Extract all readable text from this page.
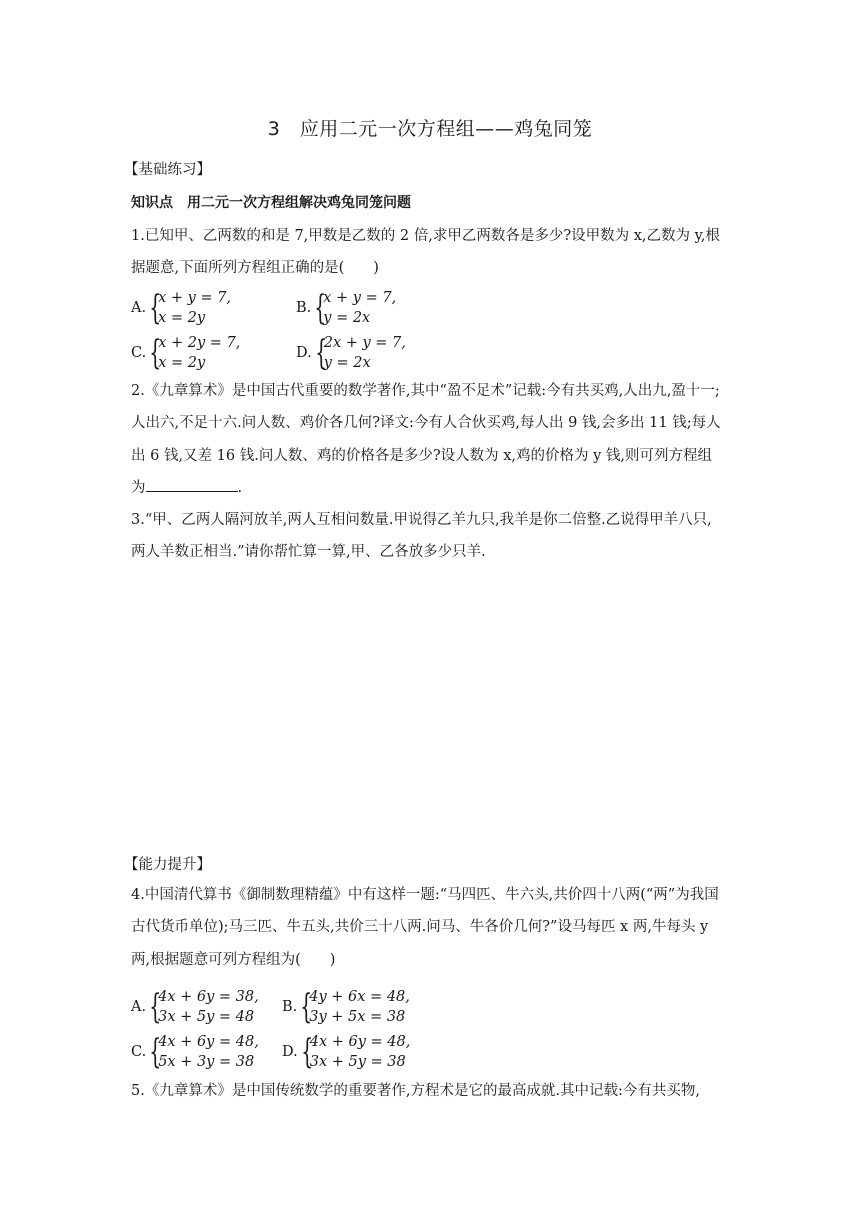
3　应用二元一次方程组——鸡兔同笼
【基础练习】
知识点　用二元一次方程组解决鸡兔同笼问题
1.已知甲、乙两数的和是 7,甲数是乙数的 2 倍,求甲乙两数各是多少?设甲数为 x,乙数为 y,根
据题意,下面所列方程组正确的是(　　)
A. {
x + y = 7,
x = 2y
B. {
x + y = 7,
y = 2x
C. {
x + 2y = 7,
x = 2y
D. {
2x + y = 7,
y = 2x
2.《九章算术》是中国古代重要的数学著作,其中“盈不足术”记载:今有共买鸡,人出九,盈十一;
人出六,不足十六.问人数、鸡价各几何?译文:今有人合伙买鸡,每人出 9 钱,会多出 11 钱;每人
出 6 钱,又差 16 钱.问人数、鸡的价格各是多少?设人数为 x,鸡的价格为 y 钱,则可列方程组
为	.
3.“甲、乙两人隔河放羊,两人互相问数量.甲说得乙羊九只,我羊是你二倍整.乙说得甲羊八只,
两人羊数正相当.”请你帮忙算一算,甲、乙各放多少只羊.
【能力提升】
4.中国清代算书《御制数理精蕴》中有这样一题:“马四匹、牛六头,共价四十八两(“两”为我国
古代货币单位);马三匹、牛五头,共价三十八两.问马、牛各价几何?”设马每匹 x 两,牛每头 y
两,根据题意可列方程组为(　　)
A. {
4x + 6y = 38,
3x + 5y = 48
B. {
4y + 6x = 48,
3y + 5x = 38
C. {
4x + 6y = 48,
5x + 3y = 38
D. {
4x + 6y = 48,
3x + 5y = 38
5.《九章算术》是中国传统数学的重要著作,方程术是它的最高成就.其中记载:今有共买物,
